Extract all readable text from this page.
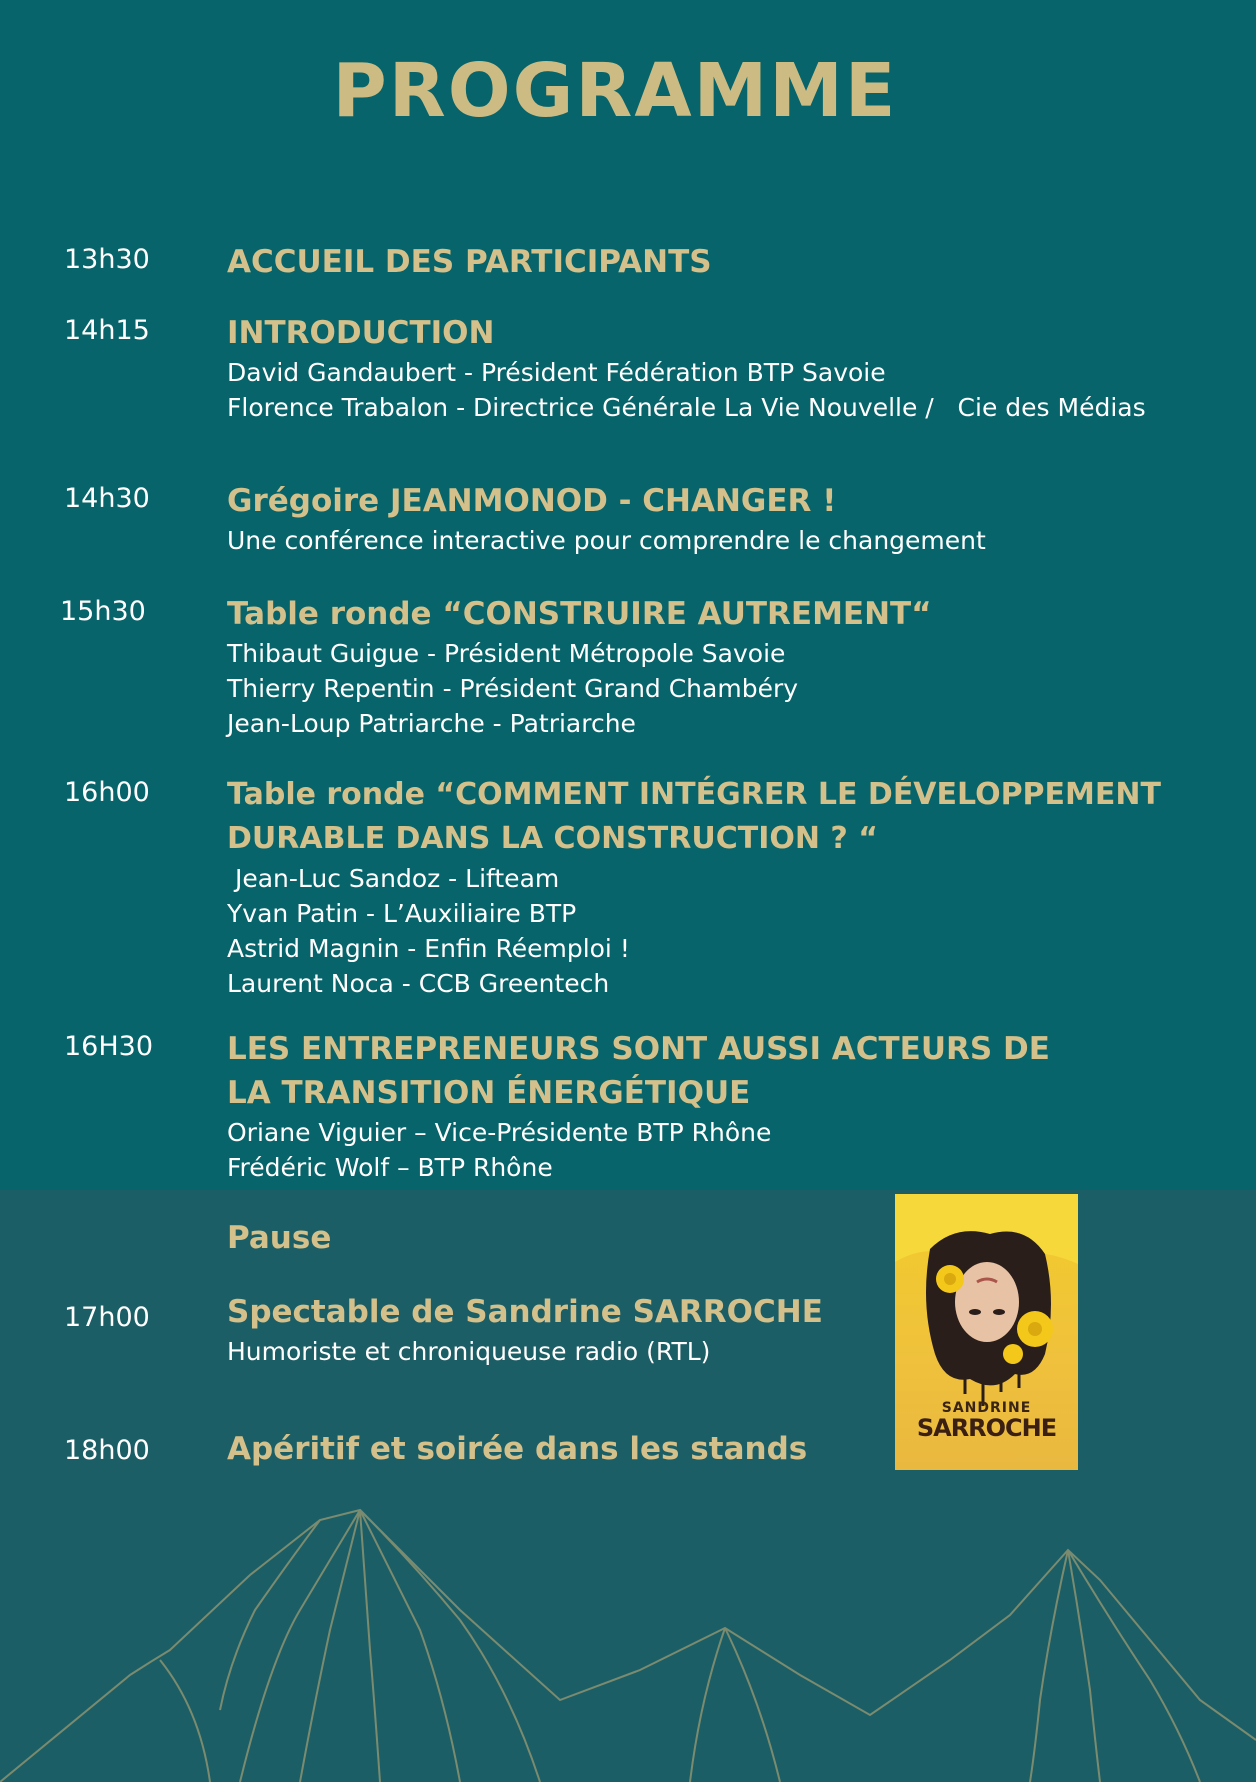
PROGRAMME
13h30 ACCUEIL DES PARTICIPANTS

14h15 INTRODUCTION

David Gandaubert - Président Fédération BTP Savoie

Florence Trabalon - Directrice Générale La Vie Nouvelle /   Cie des Médias

14h30 Grégoire JEANMONOD - CHANGER !

Une conférence interactive pour comprendre le changement

15h30	Table ronde “CONSTRUIRE AUTREMENT“

Thibaut Guigue - Président Métropole Savoie

Thierry Repentin - Président Grand Chambéry

Jean-Loup Patriarche - Patriarche

16h00	Table ronde “COMMENT INTÉGRER LE DÉVELOPPEMENT

DURABLE DANS LA CONSTRUCTION ? “

Jean-Luc Sandoz - Lifteam

Yvan Patin - L’Auxiliaire BTP

Astrid Magnin - Enfin Réemploi !

Laurent Noca - CCB Greentech

16H30 LES ENTREPRENEURS SONT AUSSI ACTEURS DE

LA TRANSITION ÉNERGÉTIQUE

Oriane Viguier – Vice-Présidente BTP Rhône

Frédéric Wolf – BTP Rhône

Pause

17h00 Spectable de Sandrine SARROCHE

Humoriste et chroniqueuse radio (RTL)

18h00 Apéritif et soirée dans les stands

SANDRINE
SARROCHE
